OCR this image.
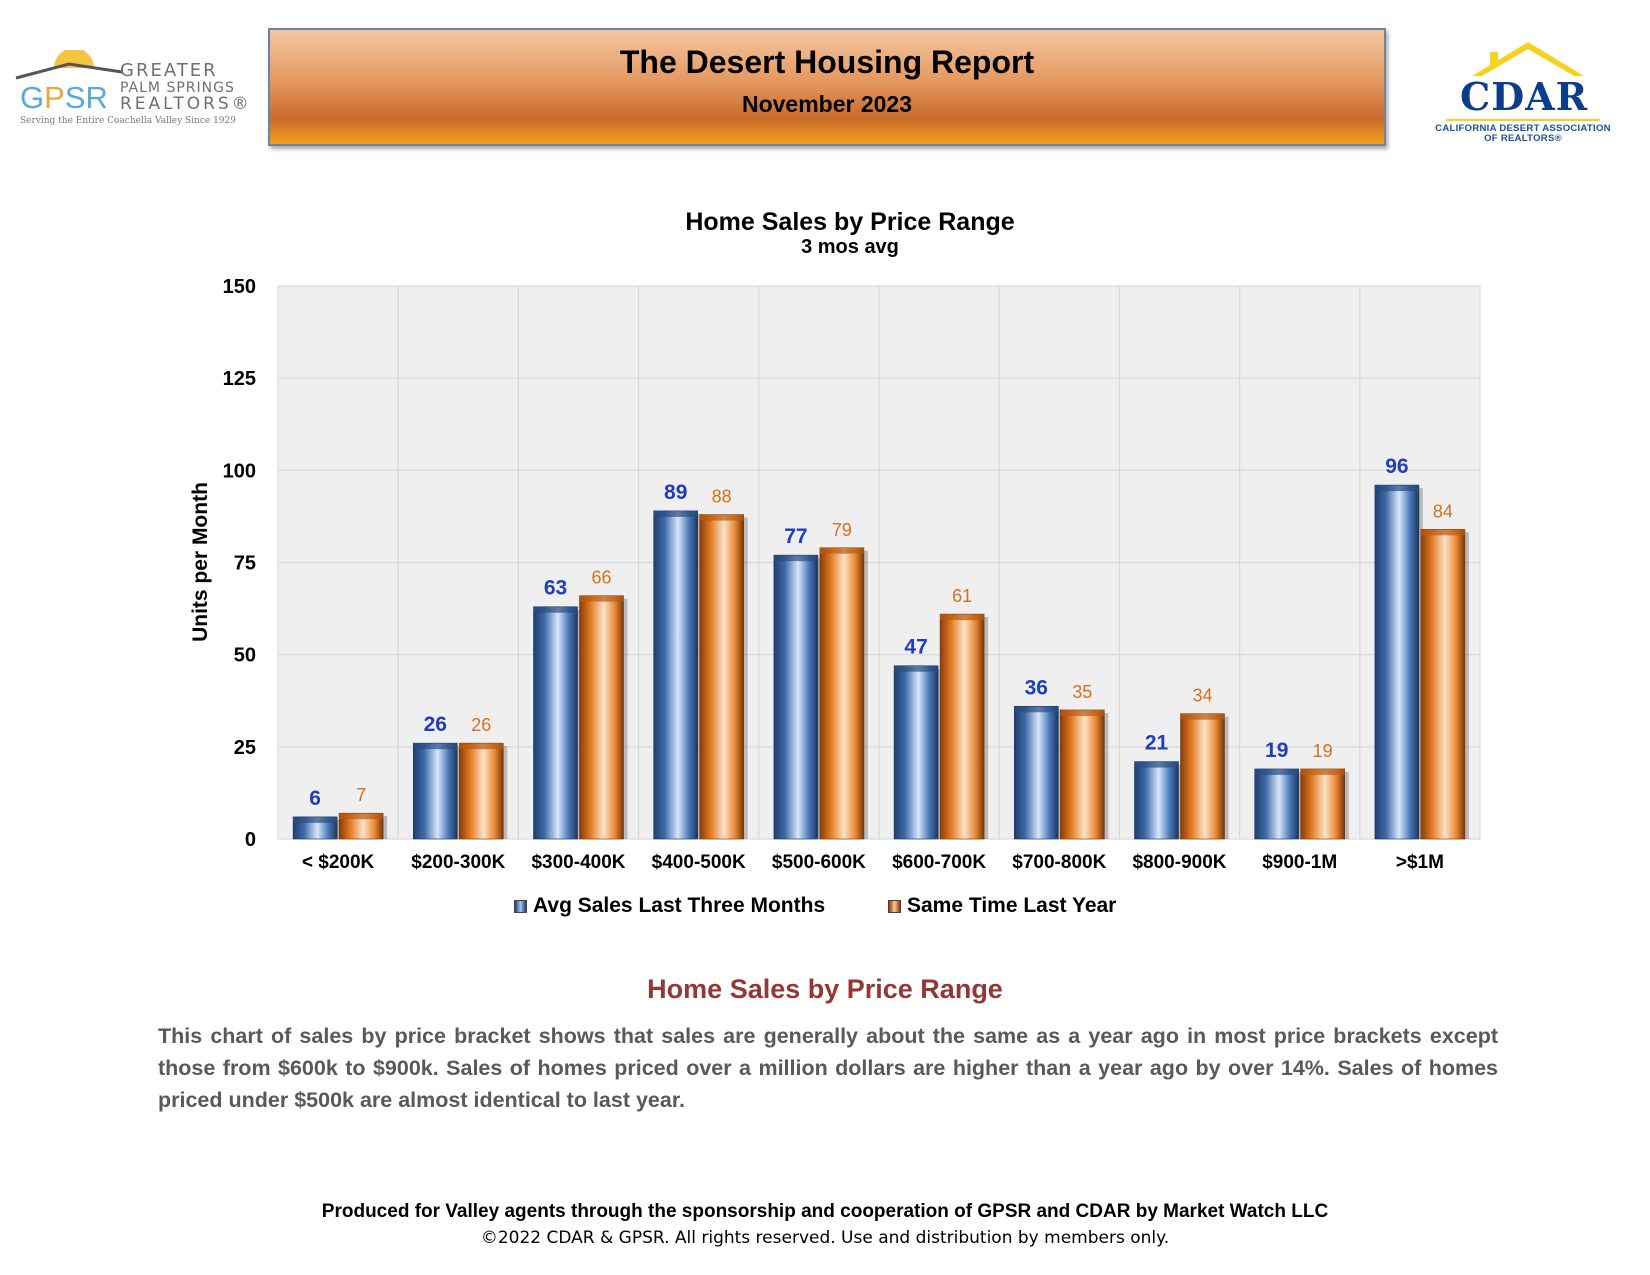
GPSR
GREATER
PALM SPRINGS
REALTORS®
Serving the Entire Coachella Valley Since 1929
The Desert Housing Report
November 2023	CDAR
CALIFORNIA DESERT ASSOCIATION
OF REALTORS®
Home Sales by Price Range
3 mos avg
0
25
50
75
100
125
150
Units per Month
6 7
< $200K
26 26
$200-300K
63 66
$300-400K
89 88
$400-500K
77 79
$500-600K
47
61
$600-700K
36 35
$700-800K
21
34
$800-900K
19 19
$900-1M
96
84
>$1M
Avg Sales Last Three Months	Same Time Last Year
Home Sales by Price Range
This chart of sales by price bracket shows that sales are generally about the same as a year ago in most price brackets except those from $600k to $900k. Sales of homes priced over a million dollars are higher than a year ago by over 14%. Sales of homes priced under $500k are almost identical to last year.
Produced for Valley agents through the sponsorship and cooperation of GPSR and CDAR by Market Watch LLC
©2022 CDAR & GPSR. All rights reserved. Use and distribution by members only.
